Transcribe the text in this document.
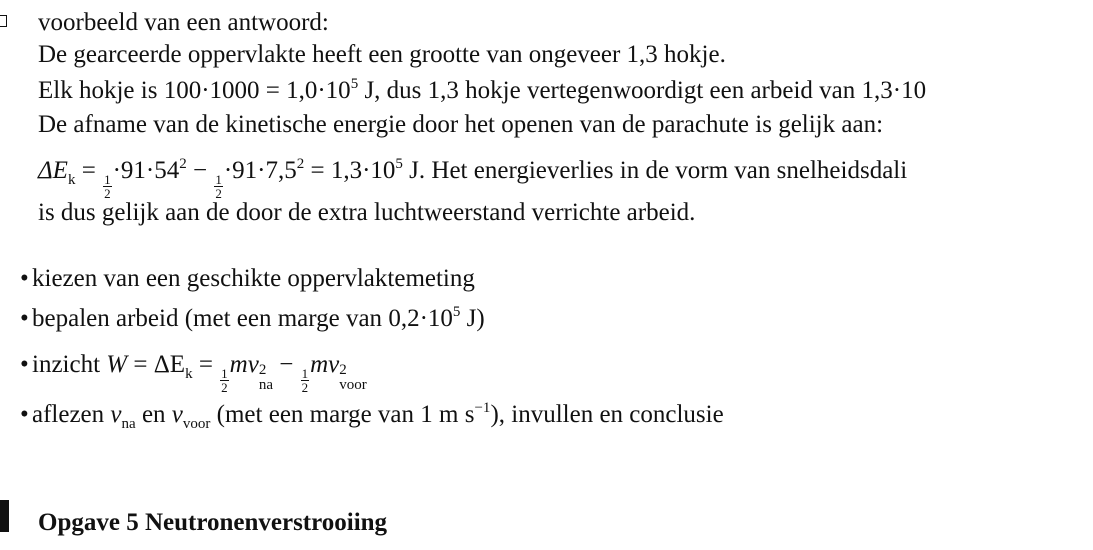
voorbeeld van een antwoord:
De gearceerde oppervlakte heeft een grootte van ongeveer 1,3 hokje.
Elk hokje is $100\cdot 1000 = 1,0\cdot 10^5$ J, dus 1,3 hokje vertegenwoordigt een arbeid van 1,3·10
De afname van de kinetische energie door het openen van de parachute is gelijk aan:
$\Delta E_k$ =
$\frac{1}{2}$
$\cdot 91\cdot 54^2$ −
$\frac{1}{2}$
$\cdot 91\cdot 7,5^2 = 1,3\cdot 10^5$ J. Het energieverlies in de vorm van snelheidsdali
is dus gelijk aan de door de extra luchtweerstand verrichte arbeid.
• kiezen van een geschikte oppervlaktemeting
• bepalen arbeid (met een marge van $0,2\cdot 10^5$ J)
• inzicht $W = \Delta E_k$ =
$\frac{1}{2}$
mv 2
na
−
$\frac{1}{2}$
mv 2
voor
• aflezen $v_{na}$ en $v_{voor}$ (met een marge van 1 m $s^{-1}$), invullen en conclusie
Opgave 5 Neutronenverstrooiing
